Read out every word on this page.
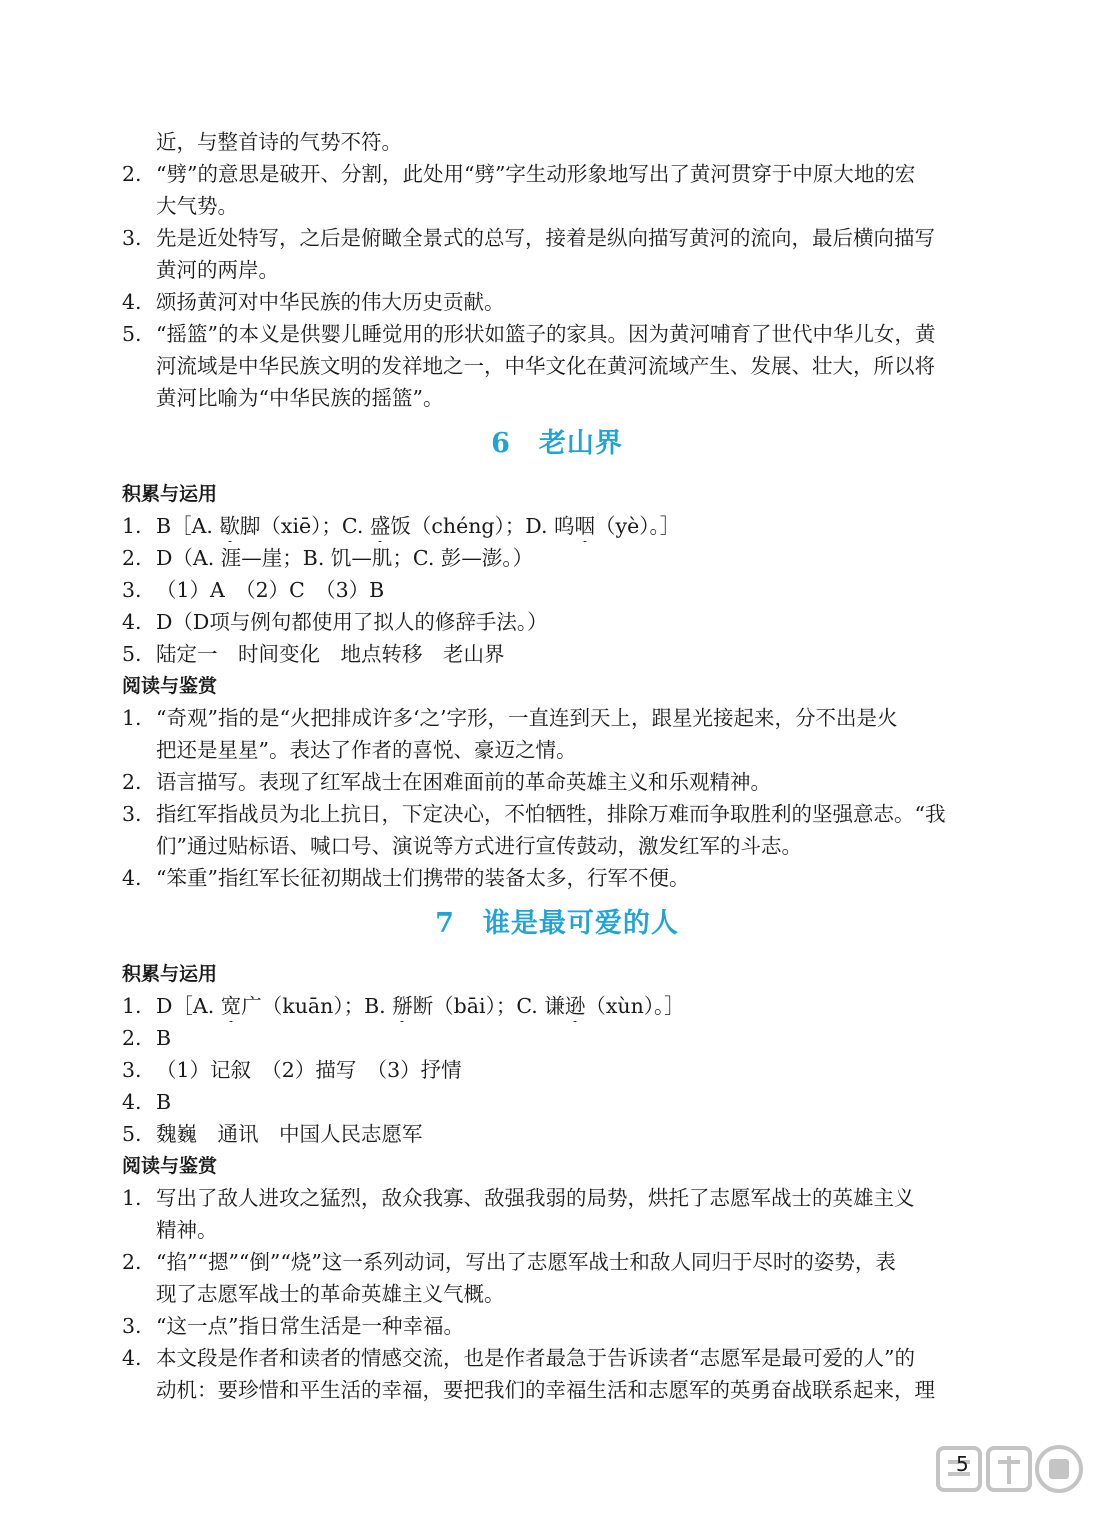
近，与整首诗的气势不符。
2. “劈”的意思是破开、分割，此处用“劈”字生动形象地写出了黄河贯穿于中原大地的宏
大气势。
3. 先是近处特写，之后是俯瞰全景式的总写，接着是纵向描写黄河的流向，最后横向描写
黄河的两岸。
4. 颂扬黄河对中华民族的伟大历史贡献。
5. “摇篮”的本义是供婴儿睡觉用的形状如篮子的家具。因为黄河哺育了世代中华儿女，黄
河流域是中华民族文明的发祥地之一，中华文化在黄河流域产生、发展、壮大，所以将
黄河比喻为“中华民族的摇篮”。
6 老山界
积累与运用
1. B［A. 歇脚（xiē）；C. 盛饭（chéng）；D. 呜咽（yè）。］
2. D（A. 涯—崖；B. 饥—肌；C. 彭—澎。）
3. （1）A　（2）C　（3）B
4. D（D项与例句都使用了拟人的修辞手法。）
5. 陆定一　时间变化　地点转移　老山界
阅读与鉴赏
1. “奇观”指的是“火把排成许多‘之’字形，一直连到天上，跟星光接起来，分不出是火
把还是星星”。表达了作者的喜悦、豪迈之情。
2. 语言描写。表现了红军战士在困难面前的革命英雄主义和乐观精神。
3. 指红军指战员为北上抗日，下定决心，不怕牺牲，排除万难而争取胜利的坚强意志。“我
们”通过贴标语、喊口号、演说等方式进行宣传鼓动，激发红军的斗志。
4. “笨重”指红军长征初期战士们携带的装备太多，行军不便。
7 谁是最可爱的人
积累与运用
1. D［A. 宽广（kuān）；B. 掰断（bāi）；C. 谦逊（xùn）。］
2. B
3. （1）记叙　（2）描写　（3）抒情
4. B
5. 魏巍　通讯　中国人民志愿军
阅读与鉴赏
1. 写出了敌人进攻之猛烈，敌众我寡、敌强我弱的局势，烘托了志愿军战士的英雄主义
精神。
2. “掐”“摁”“倒”“烧”这一系列动词，写出了志愿军战士和敌人同归于尽时的姿势，表
现了志愿军战士的革命英雄主义气概。
3. “这一点”指日常生活是一种幸福。
4. 本文段是作者和读者的情感交流，也是作者最急于告诉读者“志愿军是最可爱的人”的
动机：要珍惜和平生活的幸福，要把我们的幸福生活和志愿军的英勇奋战联系起来，理
5
